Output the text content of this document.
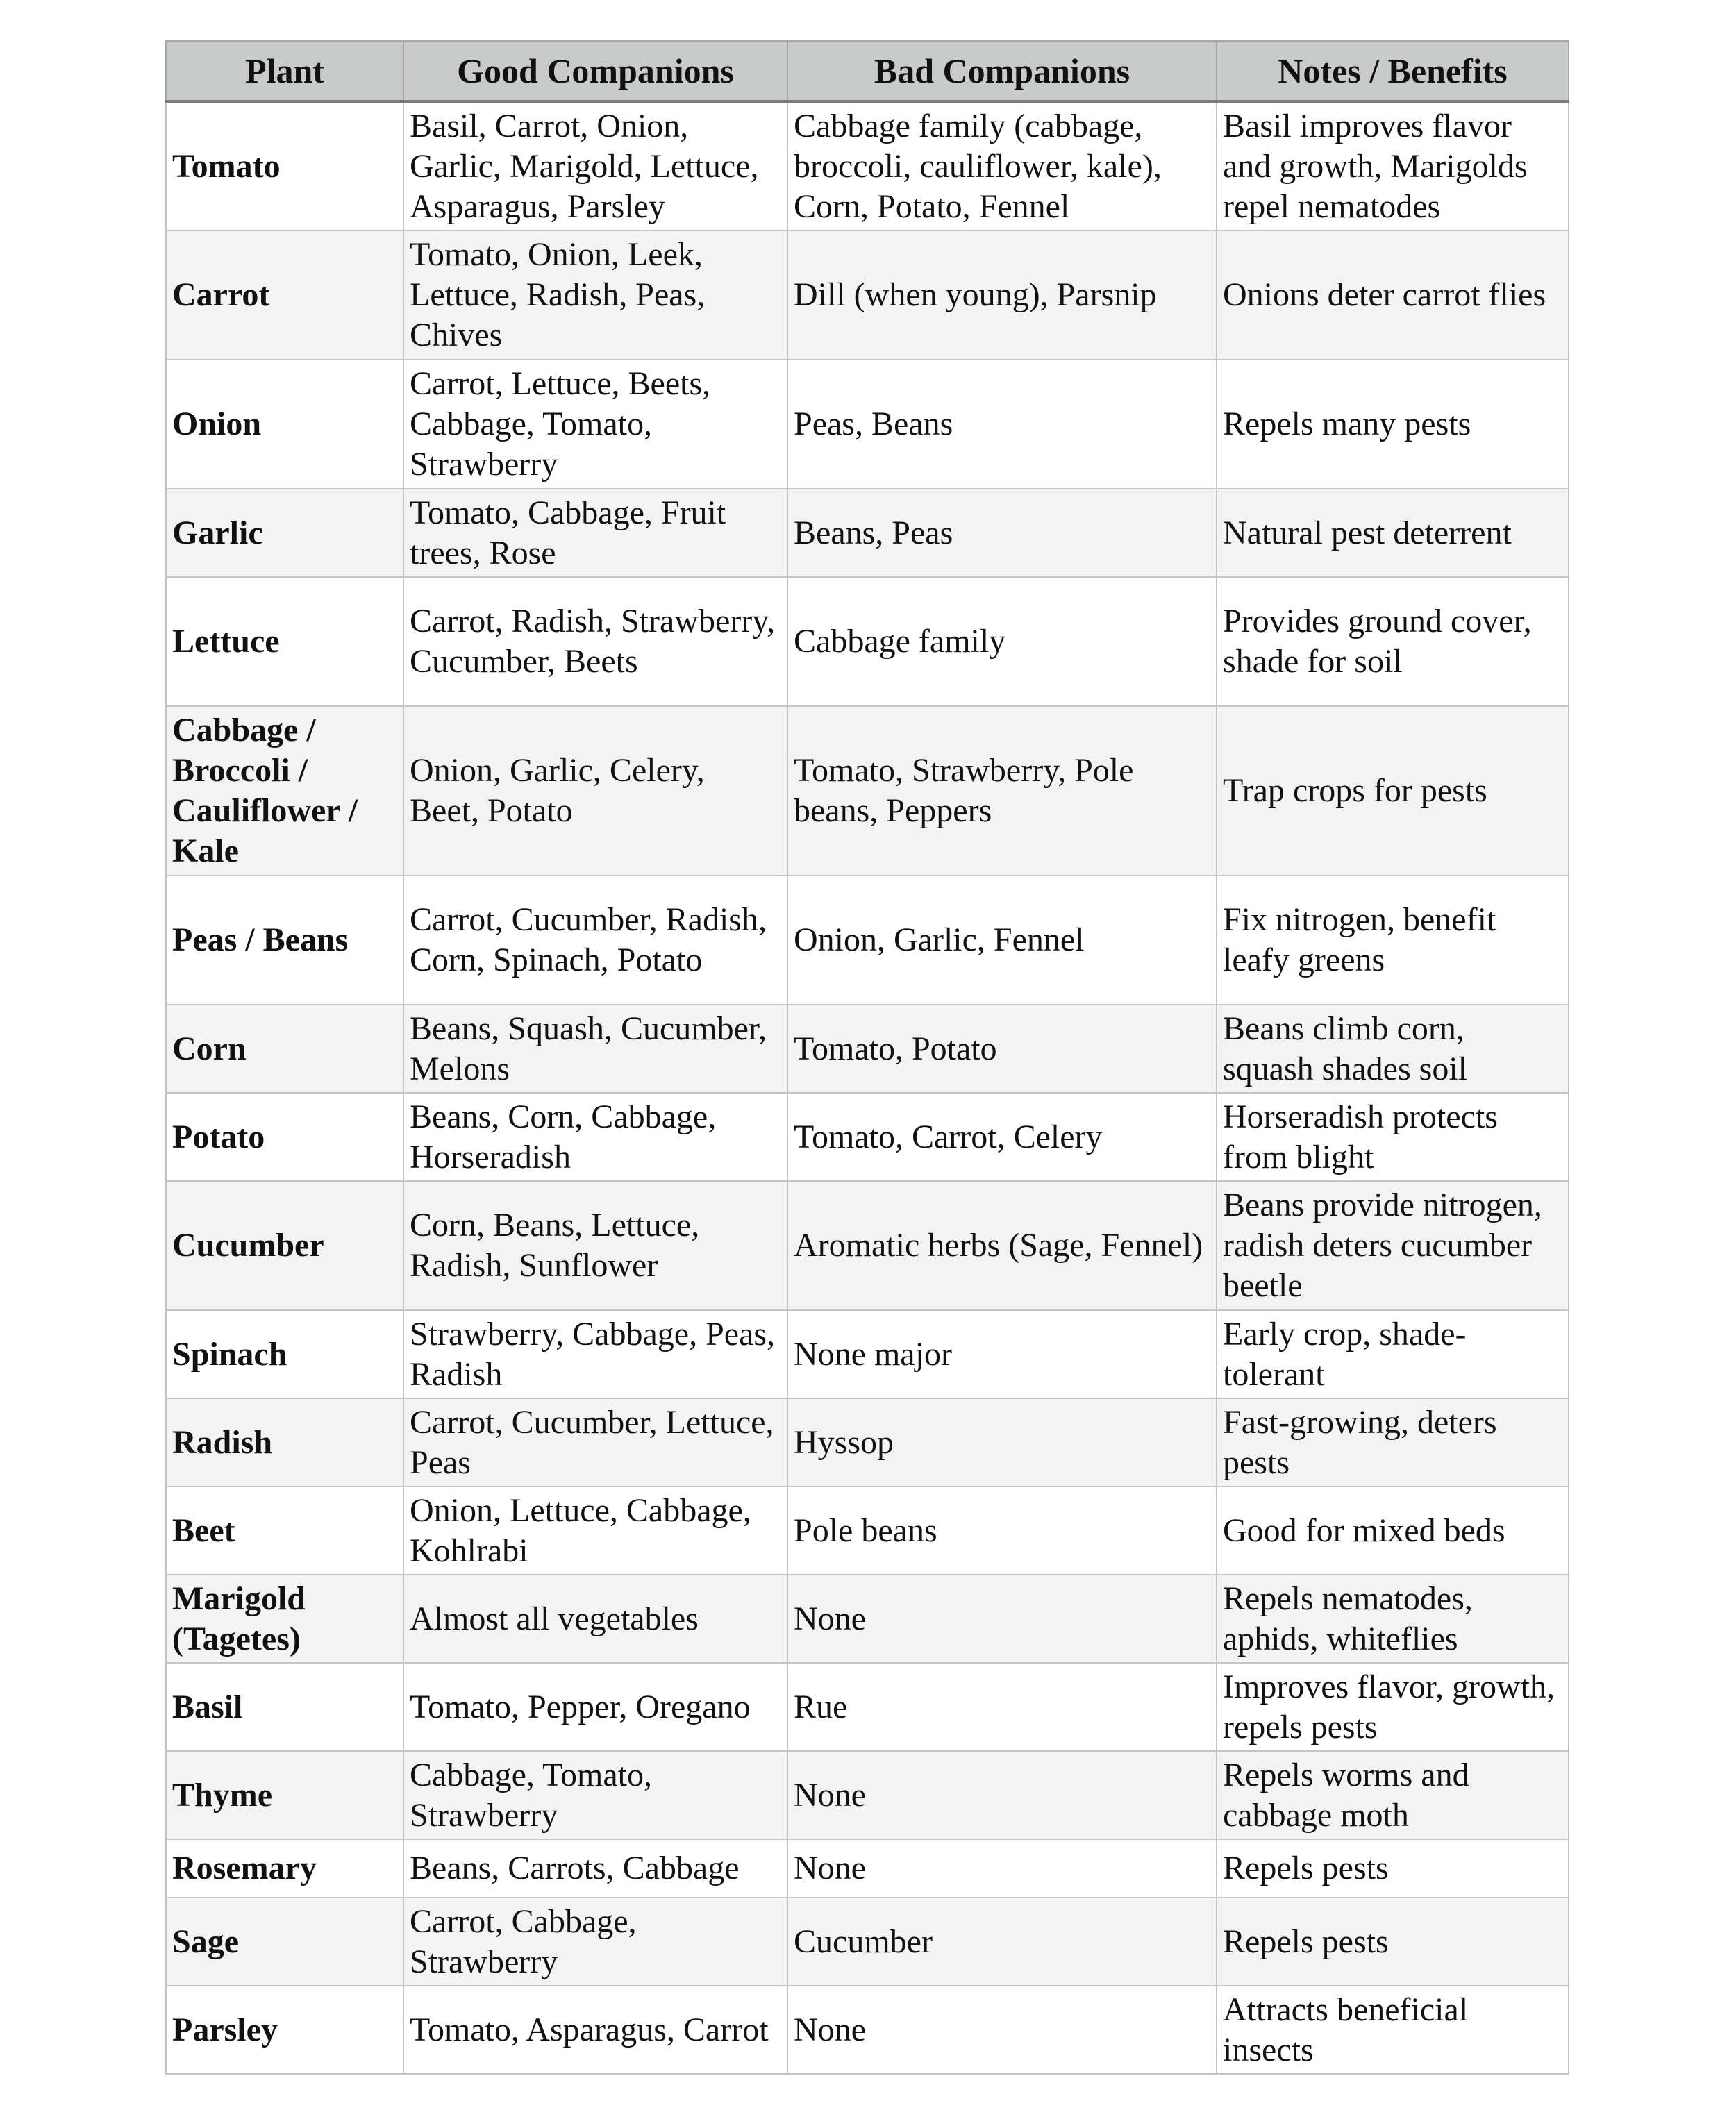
Plant	Good Companions	Bad Companions	Notes / Benefits
Tomato	Basil, Carrot, Onion, Garlic, Marigold, Lettuce, Asparagus, Parsley	Cabbage family (cabbage, broccoli, cauliflower, kale), Corn, Potato, Fennel	Basil improves flavor and growth, Marigolds repel nematodes
Carrot	Tomato, Onion, Leek, Lettuce, Radish, Peas, Chives	Dill (when young), Parsnip	Onions deter carrot flies
Onion	Carrot, Lettuce, Beets, Cabbage, Tomato, Strawberry	Peas, Beans	Repels many pests
Garlic	Tomato, Cabbage, Fruit trees, Rose	Beans, Peas	Natural pest deterrent
Lettuce	Carrot, Radish, Strawberry, Cucumber, Beets	Cabbage family	Provides ground cover, shade for soil
Cabbage / Broccoli / Cauliflower / Kale	Onion, Garlic, Celery, Beet, Potato	Tomato, Strawberry, Pole beans, Peppers	Trap crops for pests
Peas / Beans	Carrot, Cucumber, Radish, Corn, Spinach, Potato	Onion, Garlic, Fennel	Fix nitrogen, benefit leafy greens
Corn	Beans, Squash, Cucumber, Melons	Tomato, Potato	Beans climb corn, squash shades soil
Potato	Beans, Corn, Cabbage, Horseradish	Tomato, Carrot, Celery	Horseradish protects from blight
Cucumber	Corn, Beans, Lettuce, Radish, Sunflower	Aromatic herbs (Sage, Fennel)	Beans provide nitrogen, radish deters cucumber beetle
Spinach	Strawberry, Cabbage, Peas, Radish	None major	Early crop, shade-tolerant
Radish	Carrot, Cucumber, Lettuce, Peas	Hyssop	Fast-growing, deters pests
Beet	Onion, Lettuce, Cabbage, Kohlrabi	Pole beans	Good for mixed beds
Marigold (Tagetes)	Almost all vegetables	None	Repels nematodes, aphids, whiteflies
Basil	Tomato, Pepper, Oregano	Rue	Improves flavor, growth, repels pests
Thyme	Cabbage, Tomato, Strawberry	None	Repels worms and cabbage moth
Rosemary	Beans, Carrots, Cabbage	None	Repels pests
Sage	Carrot, Cabbage, Strawberry	Cucumber	Repels pests
Parsley	Tomato, Asparagus, Carrot	None	Attracts beneficial insects
